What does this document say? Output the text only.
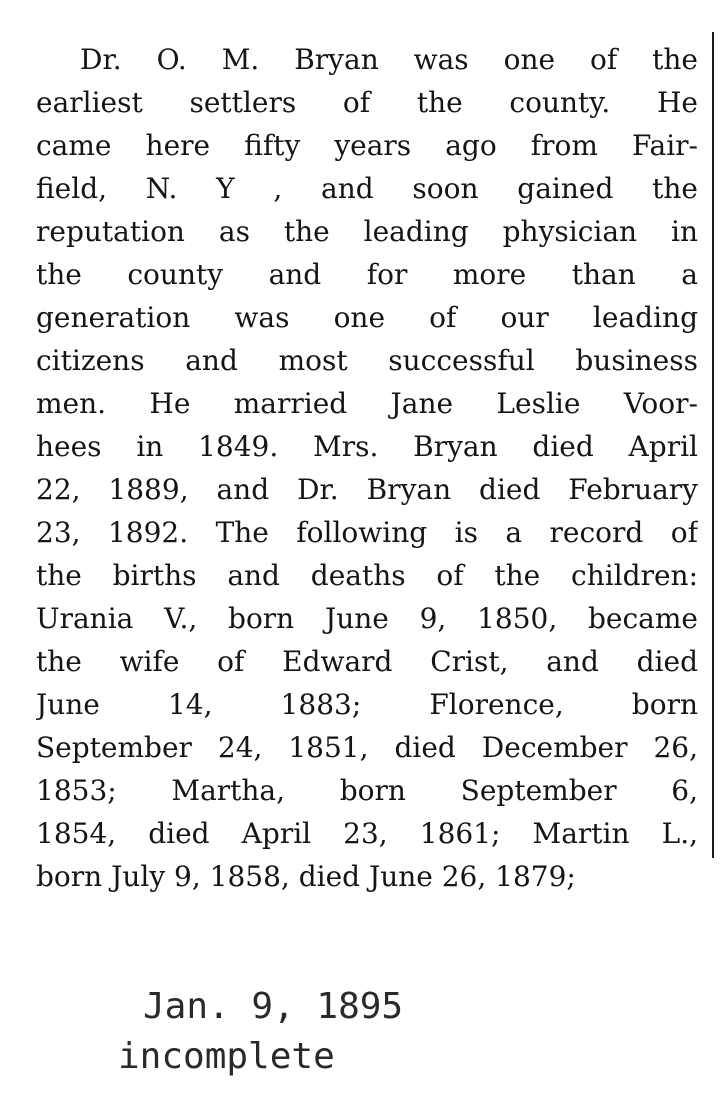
Dr. O. M. Bryan was one of the
earliest settlers of the county. He
came here fifty years ago from Fair-
field, N. Y , and soon gained the
reputation as the leading physician in
the county and for more than a
generation was one of our leading
citizens and most successful business
men. He married Jane Leslie Voor-
hees in 1849. Mrs. Bryan died April
22, 1889, and Dr. Bryan died February
23, 1892. The following is a record of
the births and deaths of the children:
Urania V., born June 9, 1850, became
the wife of Edward Crist, and died
June 14, 1883; Florence, born
September 24, 1851, died December 26,
1853; Martha, born September 6,
1854, died April 23, 1861; Martin L.,
born July 9, 1858, died June 26, 1879;
Jan. 9, 1895
incomplete
